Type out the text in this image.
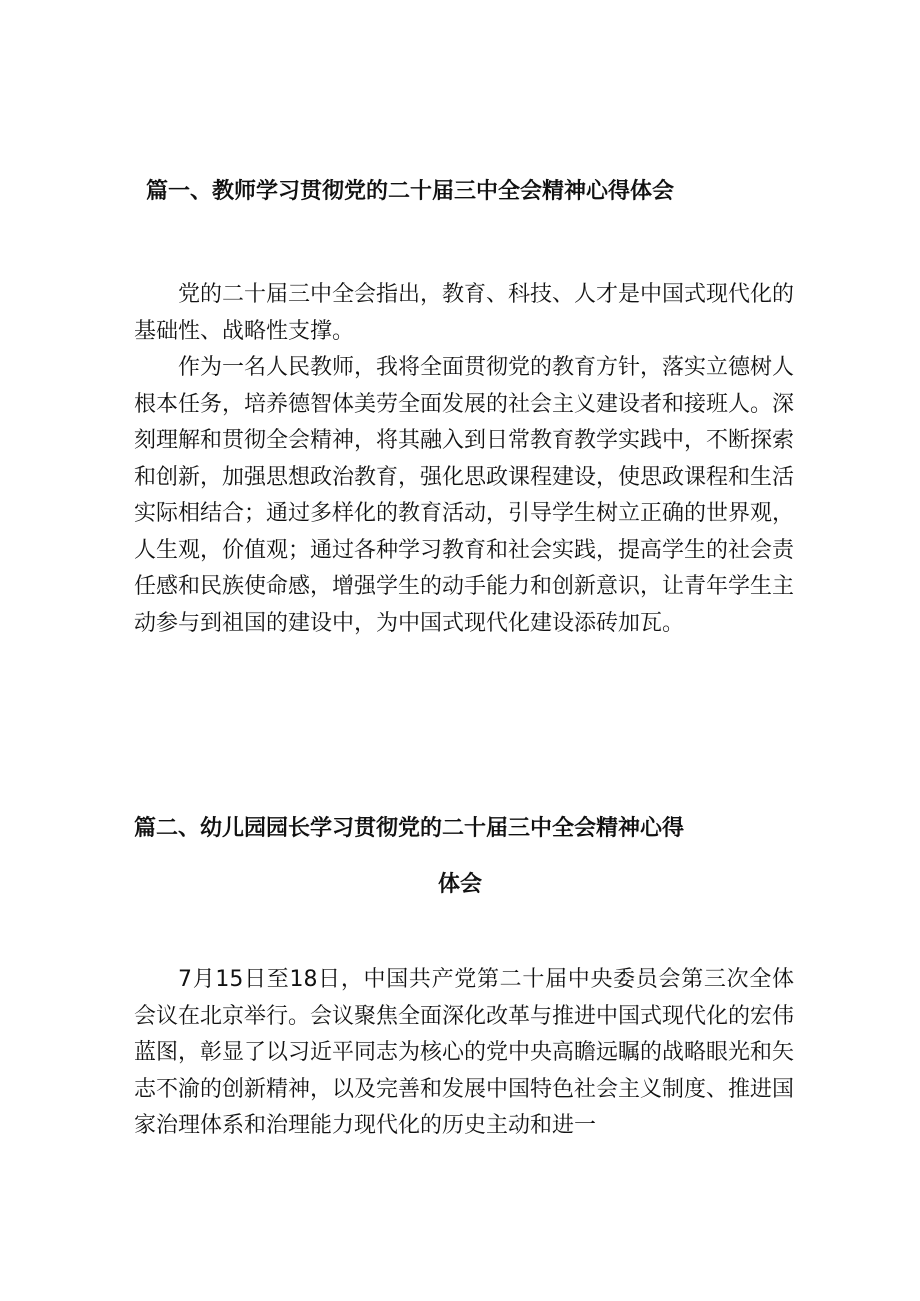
篇一、教师学习贯彻党的二十届三中全会精神心得体会

党的二十届三中全会指出，教育、科技、人才是中国式现代化的基础性、战略性支撑。

作为一名人民教师，我将全面贯彻党的教育方针，落实立德树人根本任务，培养德智体美劳全面发展的社会主义建设者和接班人。深刻理解和贯彻全会精神，将其融入到日常教育教学实践中，不断探索和创新，加强思想政治教育，强化思政课程建设，使思政课程和生活实际相结合；通过多样化的教育活动，引导学生树立正确的世界观，人生观，价值观；通过各种学习教育和社会实践，提高学生的社会责任感和民族使命感，增强学生的动手能力和创新意识，让青年学生主动参与到祖国的建设中，为中国式现代化建设添砖加瓦。

篇二、幼儿园园长学习贯彻党的二十届三中全会精神心得
体会

7月15日至18日，中国共产党第二十届中央委员会第三次全体会议在北京举行。会议聚焦全面深化改革与推进中国式现代化的宏伟蓝图，彰显了以习近平同志为核心的党中央高瞻远瞩的战略眼光和矢志不渝的创新精神，以及完善和发展中国特色社会主义制度、推进国家治理体系和治理能力现代化的历史主动和进一
